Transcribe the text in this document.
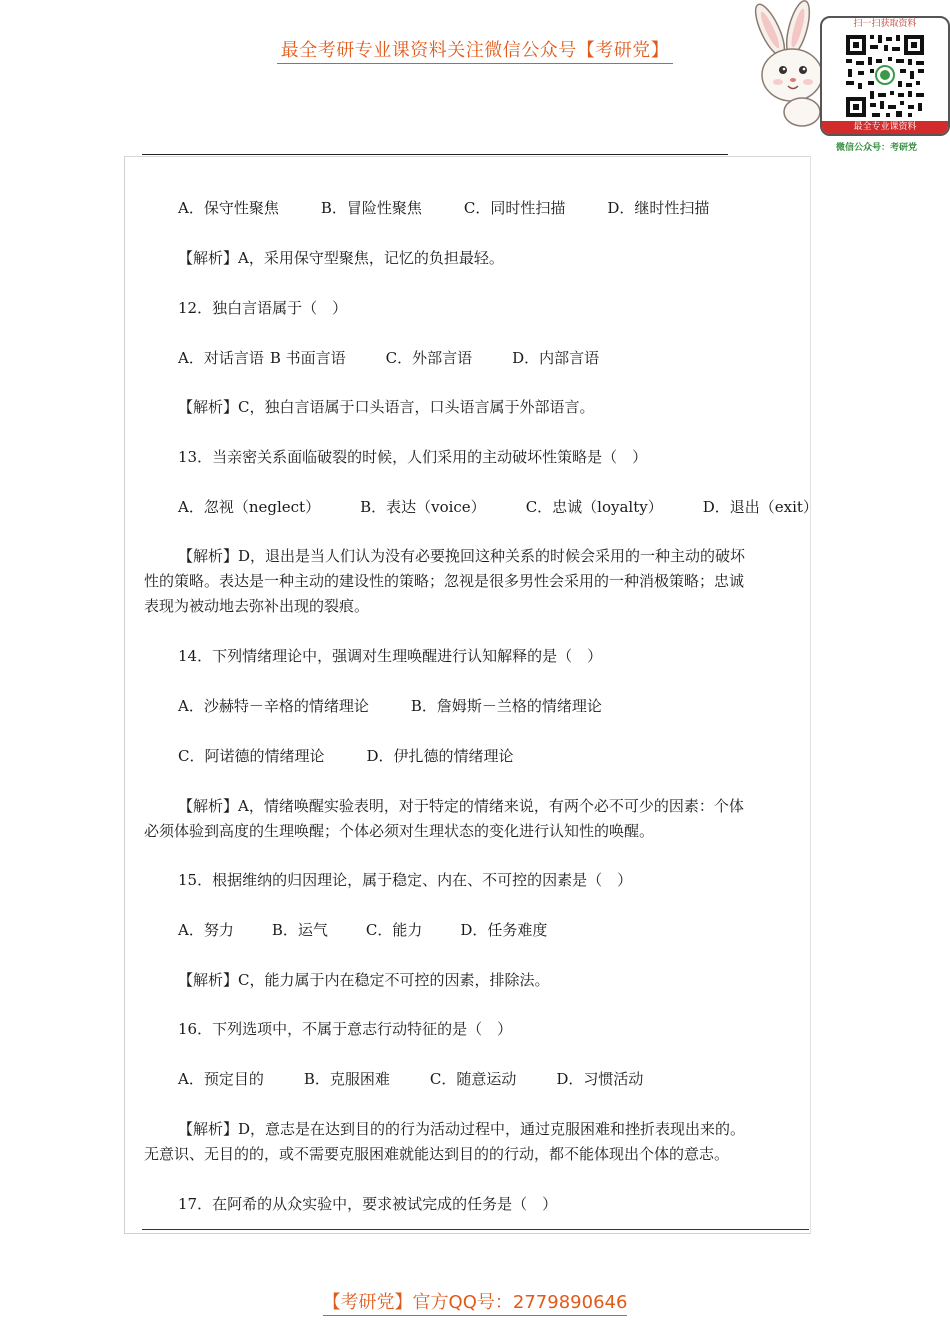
最全考研专业课资料关注微信公众号【考研党】
扫一扫获取资料
最全专业课资料
微信公众号：考研党
A．保守性聚焦	B．冒险性聚焦	C．同时性扫描	D．继时性扫描
【解析】A，采用保守型聚焦，记忆的负担最轻。
12．独白言语属于（　）
A．对话言语 B 书面言语	C．外部言语	D．内部言语
【解析】C，独白言语属于口头语言，口头语言属于外部语言。
13．当亲密关系面临破裂的时候，人们采用的主动破坏性策略是（　）
A．忽视（neglect）	B．表达（voice）	C．忠诚（loyalty）	D．退出（exit）
【解析】D，退出是当人们认为没有必要挽回这种关系的时候会采用的一种主动的破坏
性的策略。表达是一种主动的建设性的策略；忽视是很多男性会采用的一种消极策略；忠诚
表现为被动地去弥补出现的裂痕。
14．下列情绪理论中，强调对生理唤醒进行认知解释的是（　）
A．沙赫特－辛格的情绪理论	B．詹姆斯－兰格的情绪理论
C．阿诺德的情绪理论	D．伊扎德的情绪理论
【解析】A，情绪唤醒实验表明，对于特定的情绪来说，有两个必不可少的因素：个体
必须体验到高度的生理唤醒；个体必须对生理状态的变化进行认知性的唤醒。
15．根据维纳的归因理论，属于稳定、内在、不可控的因素是（　）
A．努力	B．运气	C．能力	D．任务难度
【解析】C，能力属于内在稳定不可控的因素，排除法。
16．下列选项中，不属于意志行动特征的是（　）
A．预定目的	B．克服困难	C．随意运动	D．习惯活动
【解析】D，意志是在达到目的的行为活动过程中，通过克服困难和挫折表现出来的。
无意识、无目的的，或不需要克服困难就能达到目的的行动，都不能体现出个体的意志。
17．在阿希的从众实验中，要求被试完成的任务是（　）
【考研党】官方QQ号：2779890646
